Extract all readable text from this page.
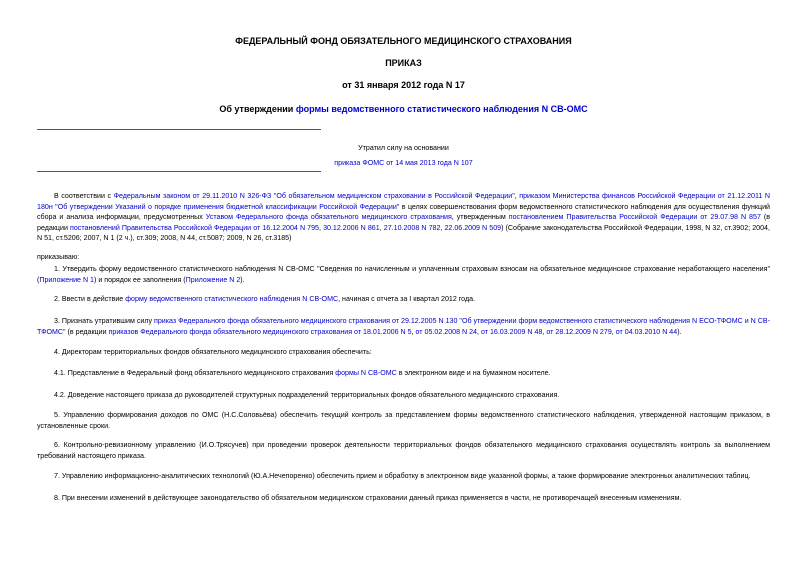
ФЕДЕРАЛЬНЫЙ ФОНД ОБЯЗАТЕЛЬНОГО МЕДИЦИНСКОГО СТРАХОВАНИЯ
ПРИКАЗ
от 31 января 2012 года N 17
Об утверждении формы ведомственного статистического наблюдения N СВ-ОМС
Утратил силу на основании
приказа ФОМС от 14 мая 2013 года N 107
В соответствии с Федеральным законом от 29.11.2010 N 326-ФЗ "Об обязательном медицинском страховании в Российской Федерации", приказом Министерства финансов Российской Федерации от 21.12.2011 N 180н "Об утверждении Указаний о порядке применения бюджетной классификации Российской Федерации" в целях совершенствования форм ведомственного статистического наблюдения для осуществления функций сбора и анализа информации, предусмотренных Уставом Федерального фонда обязательного медицинского страхования, утвержденным постановлением Правительства Российской Федерации от 29.07.98 N 857 (в редакции постановлений Правительства Российской Федерации от 16.12.2004 N 795, 30.12.2006 N 861, 27.10.2008 N 782, 22.06.2009 N 509) (Собрание законодательства Российской Федерации, 1998, N 32, ст.3902; 2004, N 51, ст.5206; 2007, N 1 (2 ч.), ст.309; 2008, N 44, ст.5087; 2009, N 26, ст.3185)
приказываю:
1. Утвердить форму ведомственного статистического наблюдения N СВ-ОМС "Сведения по начисленным и уплаченным страховым взносам на обязательное медицинское страхование неработающего населения" (Приложение N 1) и порядок ее заполнения (Приложение N 2).
2. Ввести в действие форму ведомственного статистического наблюдения N СВ-ОМС, начиная с отчета за I квартал 2012 года.
3. Признать утратившим силу приказ Федерального фонда обязательного медицинского страхования от 29.12.2005 N 130 "Об утверждении форм ведомственного статистического наблюдения N ЕСО-ТФОМС и N СВ-ТФОМС" (в редакции приказов Федерального фонда обязательного медицинского страхования от 18.01.2006 N 5, от 05.02.2008 N 24, от 16.03.2009 N 48, от 28.12.2009 N 279, от 04.03.2010 N 44).
4. Директорам территориальных фондов обязательного медицинского страхования обеспечить:
4.1. Представление в Федеральный фонд обязательного медицинского страхования формы N СВ-ОМС в электронном виде и на бумажном носителе.
4.2. Доведение настоящего приказа до руководителей структурных подразделений территориальных фондов обязательного медицинского страхования.
5. Управлению формирования доходов по ОМС (Н.С.Соловьёва) обеспечить текущий контроль за представлением формы ведомственного статистического наблюдения, утвержденной настоящим приказом, в установленные сроки.
6. Контрольно-ревизионному управлению (И.О.Трясучев) при проведении проверок деятельности территориальных фондов обязательного медицинского страхования осуществлять контроль за выполнением требований настоящего приказа.
7. Управлению информационно-аналитических технологий (Ю.А.Нечепоренко) обеспечить прием и обработку в электронном виде указанной формы, а также формирование электронных аналитических таблиц.
8. При внесении изменений в действующее законодательство об обязательном медицинском страховании данный приказ применяется в части, не противоречащей внесенным изменениям.
